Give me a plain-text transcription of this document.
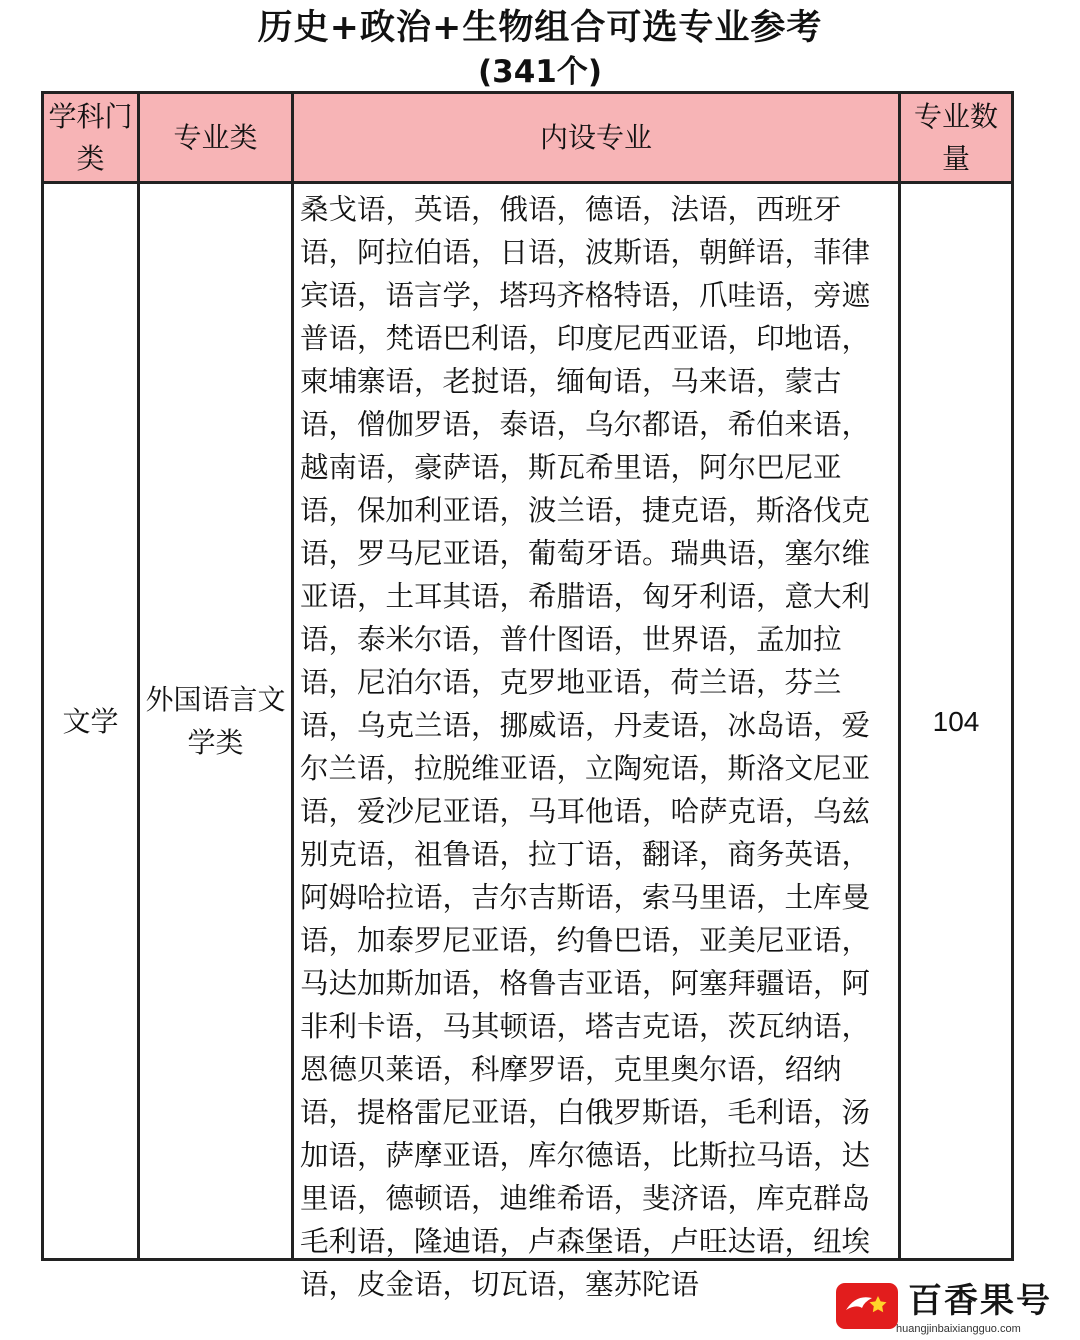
历史+政治+生物组合可选专业参考
(341个)
学科门类	专业类	内设专业	专业数量
文学	外国语言文学类	桑戈语，英语，俄语，德语，法语，西班牙语，阿拉伯语，日语，波斯语，朝鲜语，菲律宾语，语言学，塔玛齐格特语，爪哇语，旁遮普语，梵语巴利语，印度尼西亚语，印地语，柬埔寨语，老挝语，缅甸语，马来语，蒙古语，僧伽罗语，泰语，乌尔都语，希伯来语，越南语，豪萨语，斯瓦希里语，阿尔巴尼亚语，保加利亚语，波兰语，捷克语，斯洛伐克语，罗马尼亚语，葡萄牙语。瑞典语，塞尔维亚语，土耳其语，希腊语，匈牙利语，意大利语，泰米尔语，普什图语，世界语，孟加拉语，尼泊尔语，克罗地亚语，荷兰语，芬兰语，乌克兰语，挪威语，丹麦语，冰岛语，爱尔兰语，拉脱维亚语，立陶宛语，斯洛文尼亚语，爱沙尼亚语，马耳他语，哈萨克语，乌兹别克语，祖鲁语，拉丁语，翻译，商务英语，阿姆哈拉语，吉尔吉斯语，索马里语，土库曼语，加泰罗尼亚语，约鲁巴语，亚美尼亚语，马达加斯加语，格鲁吉亚语，阿塞拜疆语，阿非利卡语，马其顿语，塔吉克语，茨瓦纳语，恩德贝莱语，科摩罗语，克里奥尔语，绍纳语，提格雷尼亚语，白俄罗斯语，毛利语，汤加语，萨摩亚语，库尔德语，比斯拉马语，达里语，德顿语，迪维希语，斐济语，库克群岛毛利语，隆迪语，卢森堡语，卢旺达语，纽埃语，皮金语，切瓦语，塞苏陀语	104
百香果号
huangjinbaixiangguo.com
